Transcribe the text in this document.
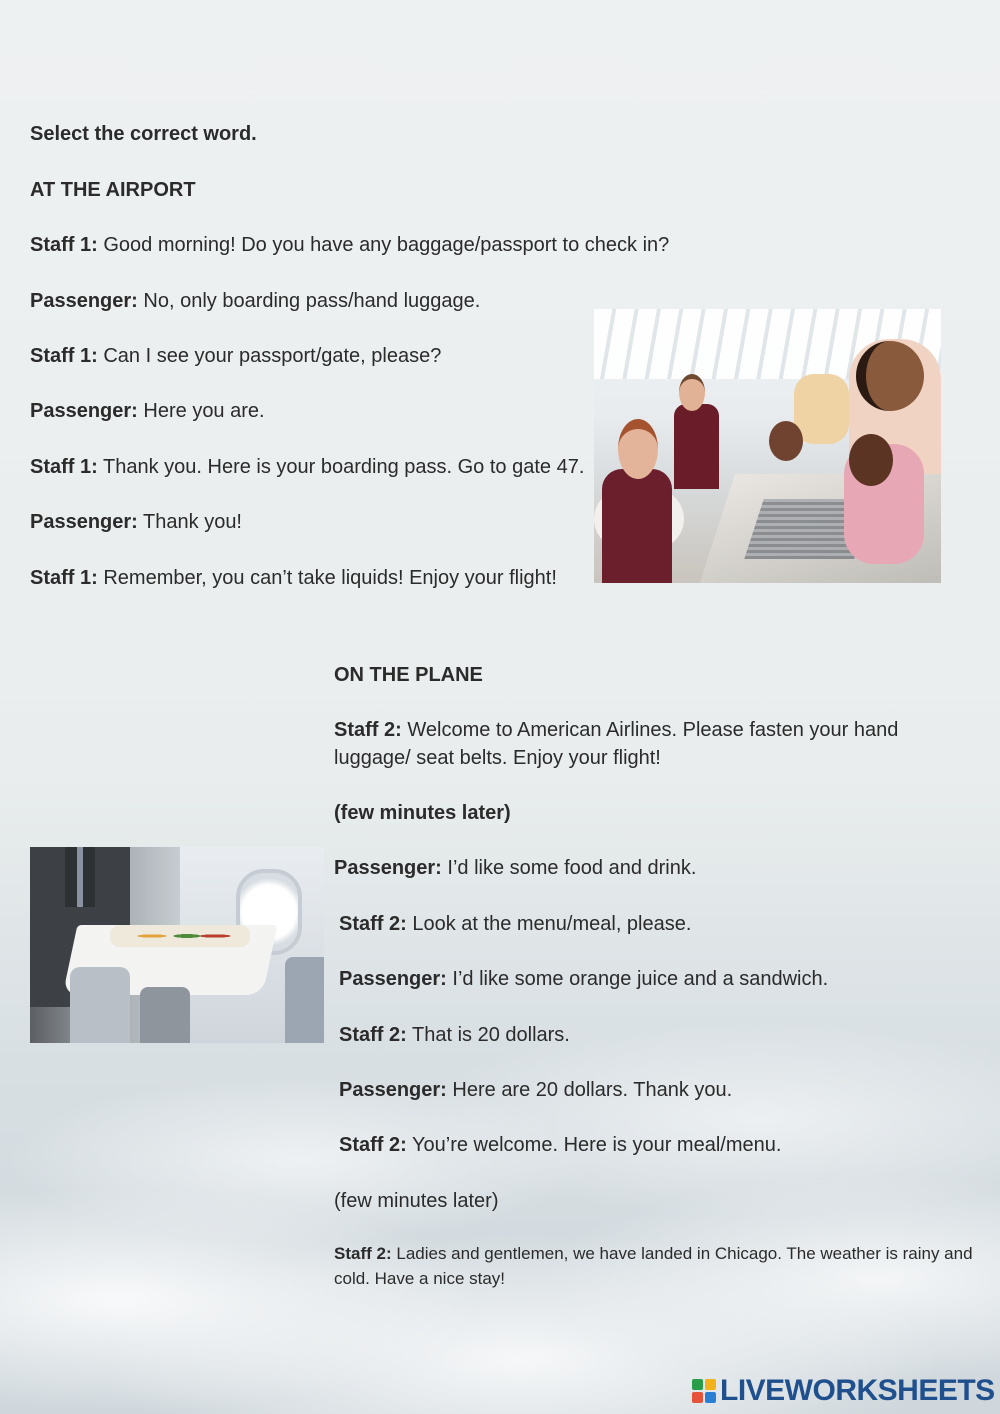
Select the correct word.

AT THE AIRPORT

Staff 1: Good morning! Do you have any baggage/passport to check in?

Passenger: No, only boarding pass/hand luggage.

Staff 1: Can I see your passport/gate, please?

Passenger: Here you are.

Staff 1: Thank you. Here is your boarding pass. Go to gate 47.

Passenger: Thank you!

Staff 1: Remember, you can’t take liquids! Enjoy your flight!

ON THE PLANE

Staff 2: Welcome to American Airlines. Please fasten your hand luggage/ seat belts. Enjoy your flight!

(few minutes later)

Passenger: I’d like some food and drink.

Staff 2: Look at the menu/meal, please.

Passenger: I’d like some orange juice and a sandwich.

Staff 2: That is 20 dollars.

Passenger: Here are 20 dollars. Thank you.

Staff 2: You’re welcome. Here is your meal/menu.

(few minutes later)

Staff 2: Ladies and gentlemen, we have landed in Chicago. The weather is rainy and cold. Have a nice stay!

LIVEWORKSHEETS
